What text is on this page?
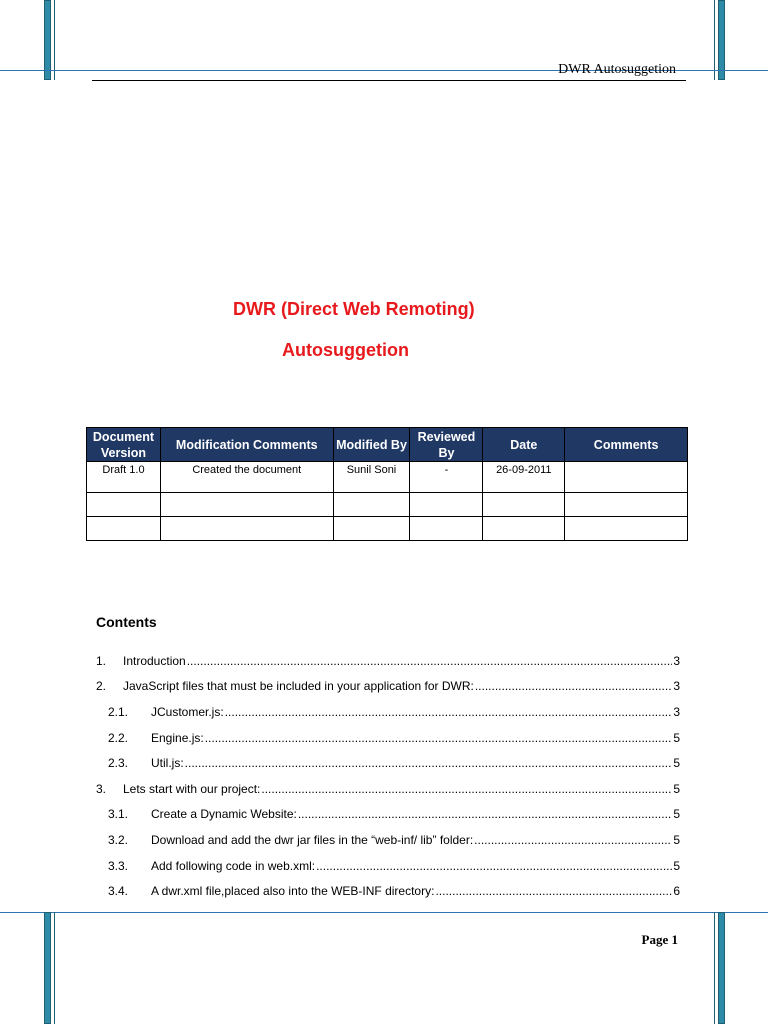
DWR Autosuggetion
DWR (Direct Web Remoting)
Autosuggetion
Document Version	Modification Comments	Modified By	Reviewed By	Date	Comments
Draft 1.0	Created the document	Sunil Soni	-	26-09-2011	

Contents
1.	Introduction .....	3
2.	JavaScript files that must be included in your application for DWR: .....	3
2.1.	JCustomer.js: .....	3
2.2.	Engine.js: .....	5
2.3.	Util.js: .....	5
3.	Lets start with our project: .....	5
3.1.	Create a Dynamic Website: .....	5
3.2.	Download and add the dwr jar files in the “web-inf/ lib” folder: .....	5
3.3.	Add following code in web.xml: .....	5
3.4.	A dwr.xml file,placed also into the WEB-INF directory: .....	6
Page 1
